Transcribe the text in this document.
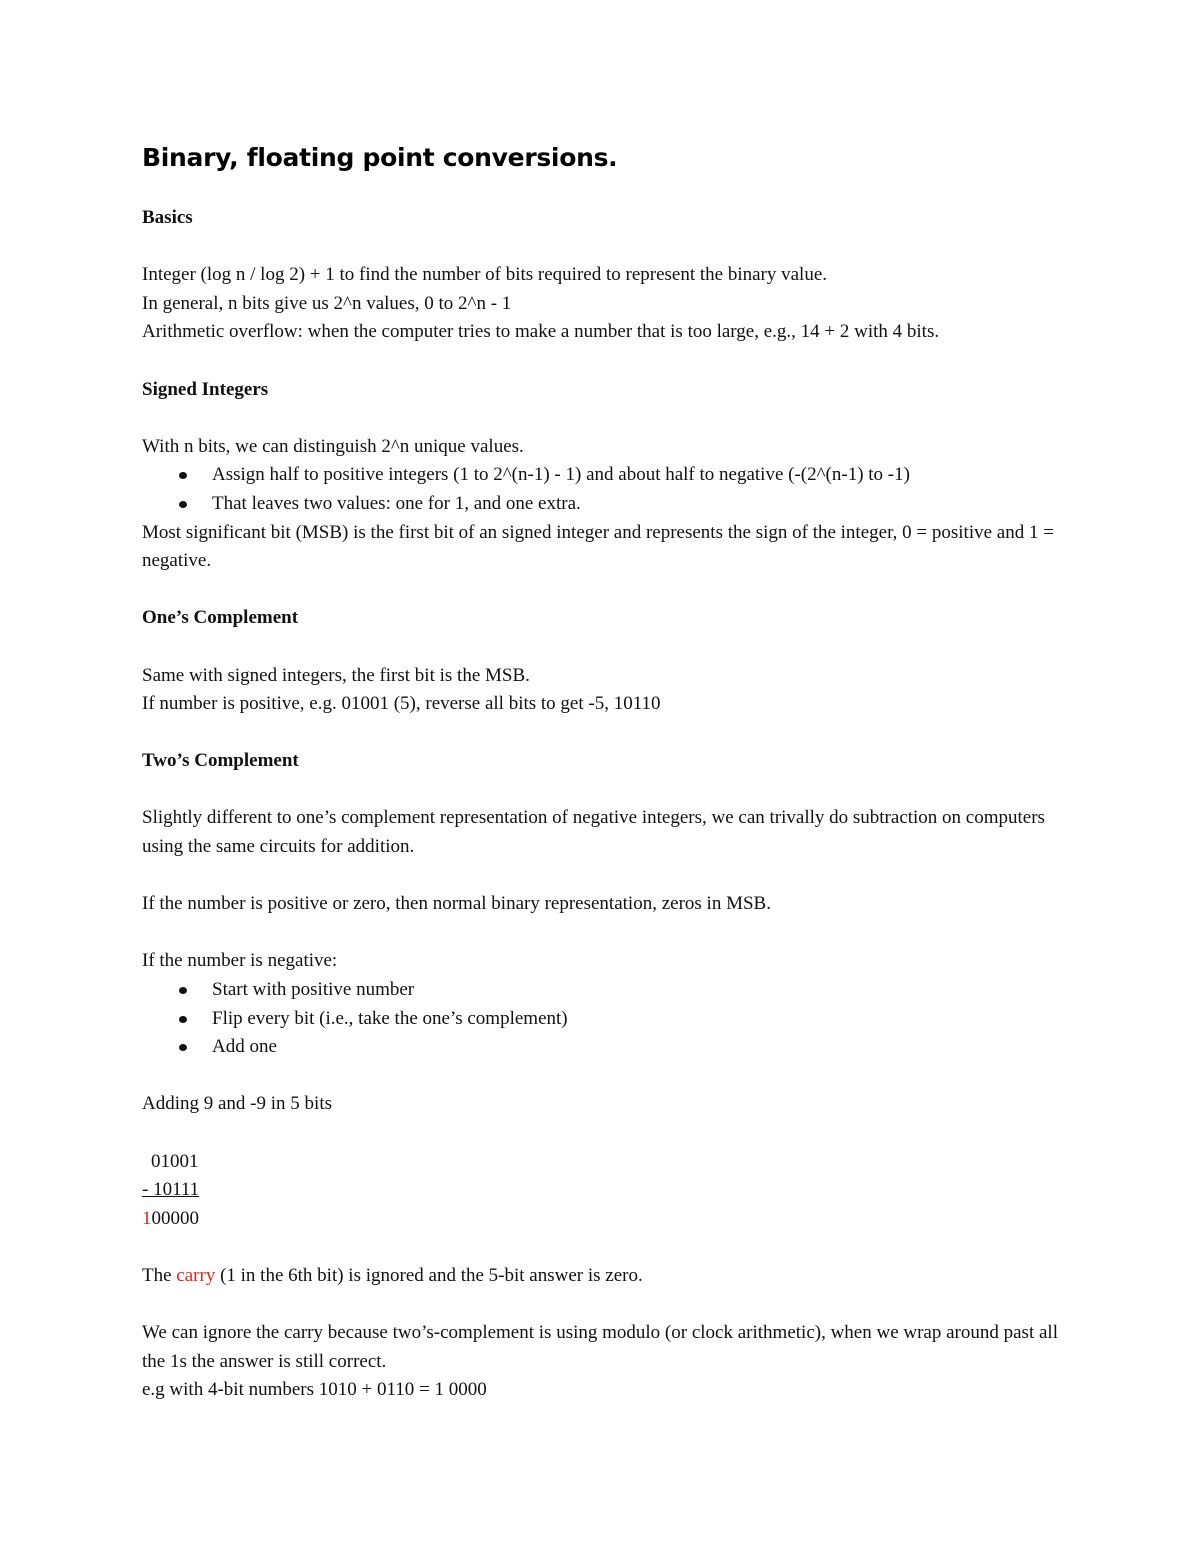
Binary, floating point conversions.
Basics

Integer (log n / log 2) + 1 to find the number of bits required to represent the binary value.

In general, n bits give us 2^n values, 0 to 2^n - 1

Arithmetic overflow: when the computer tries to make a number that is too large, e.g., 14 + 2 with 4 bits.

Signed Integers

With n bits, we can distinguish 2^n unique values.

Assign half to positive integers (1 to 2^(n-1) - 1) and about half to negative (-(2^(n-1) to -1)
That leaves two values: one for 1, and one extra.

Most significant bit (MSB) is the first bit of an signed integer and represents the sign of the integer, 0 = positive and 1 = negative.

One’s Complement

Same with signed integers, the first bit is the MSB.

If number is positive, e.g. 01001 (5), reverse all bits to get -5, 10110

Two’s Complement

Slightly different to one’s complement representation of negative integers, we can trivally do subtraction on computers using the same circuits for addition.

If the number is positive or zero, then normal binary representation, zeros in MSB.

If the number is negative:

Start with positive number
Flip every bit (i.e., take the one’s complement)
Add one

Adding 9 and -9 in 5 bits

01001

- 10111

100000

The carry (1 in the 6th bit) is ignored and the 5-bit answer is zero.

We can ignore the carry because two’s-complement is using modulo (or clock arithmetic), when we wrap around past all the 1s the answer is still correct.

e.g with 4-bit numbers 1010 + 0110 = 1 0000
